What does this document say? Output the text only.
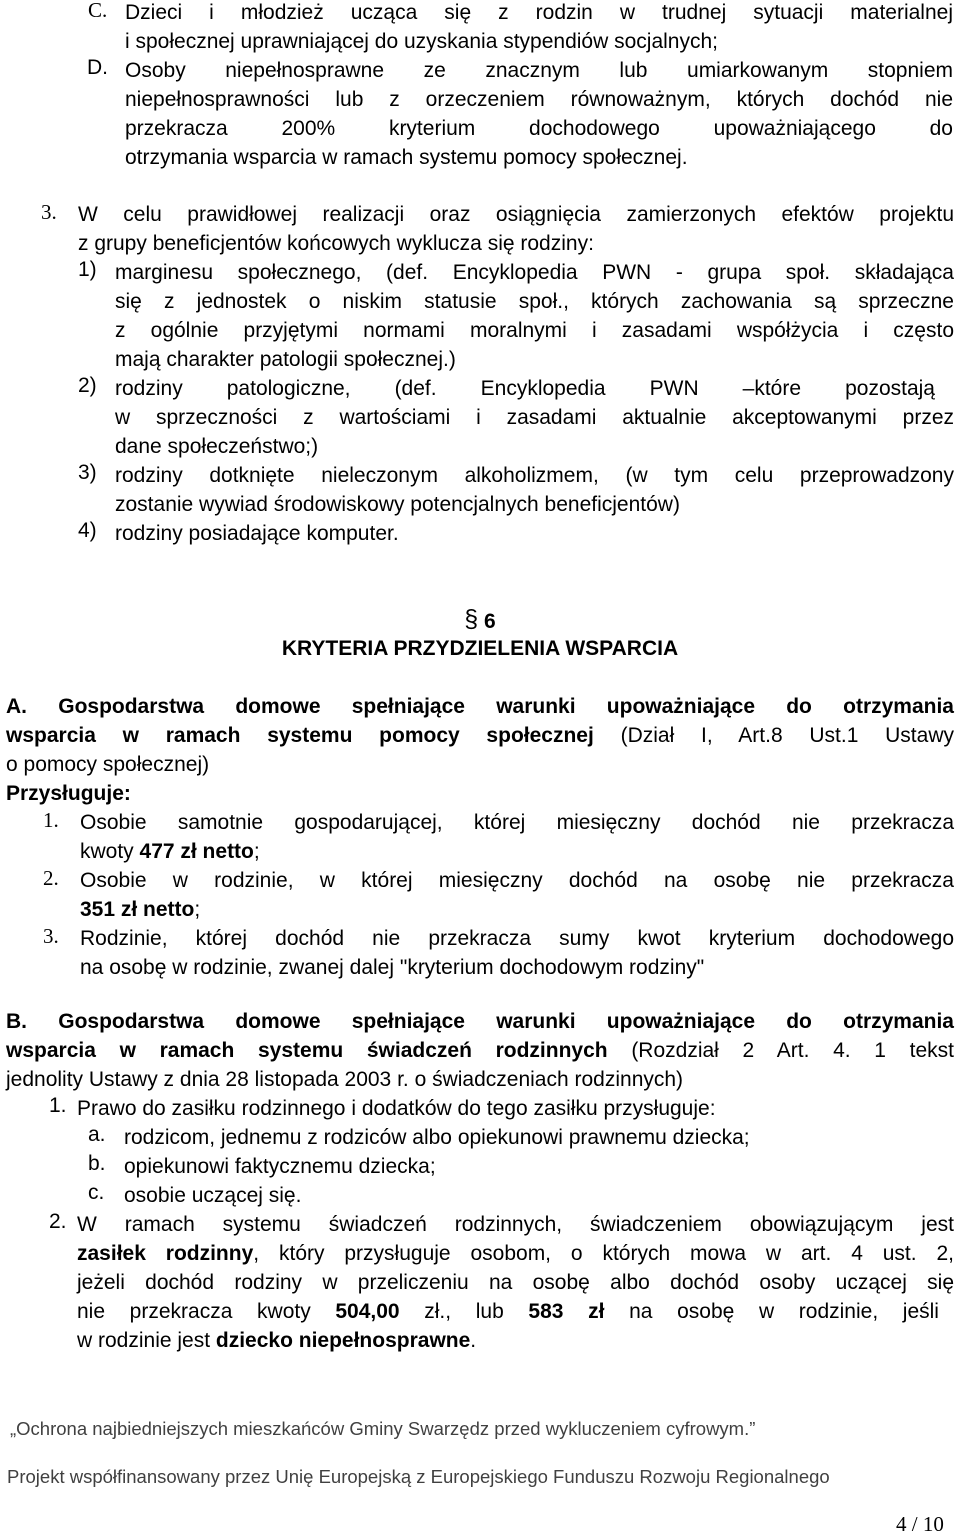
C. Dzieci i młodzież ucząca się z rodzin w trudnej sytuacji materialnej
i społecznej uprawniającej do uzyskania stypendiów socjalnych;
D. Osoby niepełnosprawne ze znacznym lub umiarkowanym stopniem
niepełnosprawności lub z orzeczeniem równoważnym, których dochód nie
przekracza 200% kryterium dochodowego upoważniającego do
otrzymania wsparcia w ramach systemu pomocy społecznej.
3. W celu prawidłowej realizacji oraz osiągnięcia zamierzonych efektów projektu
z grupy beneficjentów końcowych wyklucza się rodziny:
1) marginesu społecznego, (def. Encyklopedia PWN - grupa społ. składająca
się z jednostek o niskim statusie społ., których zachowania są sprzeczne
z ogólnie przyjętymi normami moralnymi i zasadami współżycia i często
mają charakter patologii społecznej.)
2) rodziny patologiczne, (def. Encyklopedia PWN –które pozostają
w sprzeczności z wartościami i zasadami aktualnie akceptowanymi przez
dane społeczeństwo;)
3) rodziny dotknięte nieleczonym alkoholizmem, (w tym celu przeprowadzony
zostanie wywiad środowiskowy potencjalnych beneficjentów)
4) rodziny posiadające komputer.
§ 6
KRYTERIA PRZYDZIELENIA WSPARCIA
A. Gospodarstwa domowe spełniające warunki upoważniające do otrzymania
wsparcia w ramach systemu pomocy społecznej (Dział I, Art.8 Ust.1 Ustawy
o pomocy społecznej)
Przysługuje:
1. Osobie samotnie gospodarującej, której miesięczny dochód nie przekracza
kwoty 477 zł netto;
2. Osobie w rodzinie, w której miesięczny dochód na osobę nie przekracza
351 zł netto;
3. Rodzinie, której dochód nie przekracza sumy kwot kryterium dochodowego
na osobę w rodzinie, zwanej dalej "kryterium dochodowym rodziny"
B. Gospodarstwa domowe spełniające warunki upoważniające do otrzymania
wsparcia w ramach systemu świadczeń rodzinnych (Rozdział 2 Art. 4. 1 tekst
jednolity Ustawy z dnia 28 listopada 2003 r. o świadczeniach rodzinnych)
1. Prawo do zasiłku rodzinnego i dodatków do tego zasiłku przysługuje:
a. rodzicom, jednemu z rodziców albo opiekunowi prawnemu dziecka;
b. opiekunowi faktycznemu dziecka;
c. osobie uczącej się.
2. W ramach systemu świadczeń rodzinnych, świadczeniem obowiązującym jest
zasiłek rodzinny, który przysługuje osobom, o których mowa w art. 4 ust. 2,
jeżeli dochód rodziny w przeliczeniu na osobę albo dochód osoby uczącej się
nie przekracza kwoty 504,00 zł., lub 583 zł na osobę w rodzinie, jeśli
w rodzinie jest dziecko niepełnosprawne.
„Ochrona najbiedniejszych mieszkańców Gminy Swarzędz przed wykluczeniem cyfrowym.”
Projekt współfinansowany przez Unię Europejską z Europejskiego Funduszu Rozwoju Regionalnego
4 / 10
